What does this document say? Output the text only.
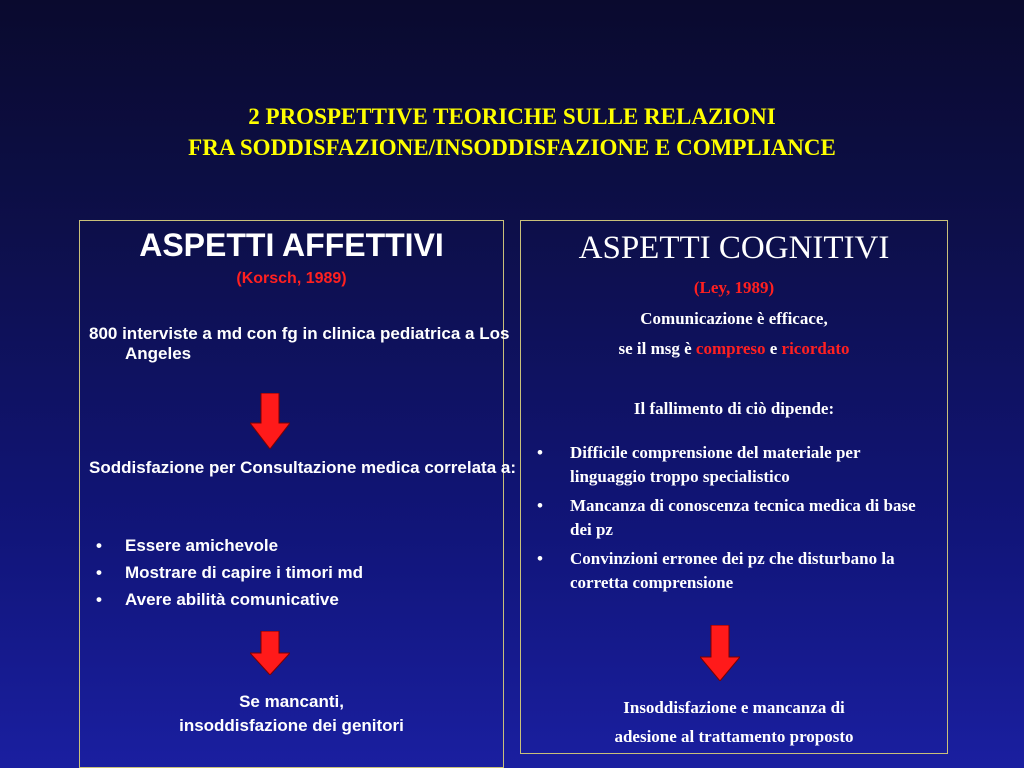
2 PROSPETTIVE TEORICHE SULLE RELAZIONI
FRA SODDISFAZIONE/INSODDISFAZIONE E COMPLIANCE
ASPETTI AFFETTIVI
(Korsch, 1989)
800 interviste a md con fg in clinica pediatrica a Los Angeles
Soddisfazione per Consultazione medica correlata a:
•	Essere amichevole
•	Mostrare di capire i timori md
•	Avere abilità comunicative
Se mancanti,
insoddisfazione dei genitori
ASPETTI COGNITIVI
(Ley, 1989)
Comunicazione è efficace,
se il msg è compreso e ricordato
Il fallimento di ciò dipende:
•	Difficile comprensione del materiale per linguaggio troppo specialistico
•	Mancanza di conoscenza tecnica medica di base dei pz
•	Convinzioni erronee dei pz che disturbano la corretta comprensione
Insoddisfazione e mancanza di
adesione al trattamento proposto
